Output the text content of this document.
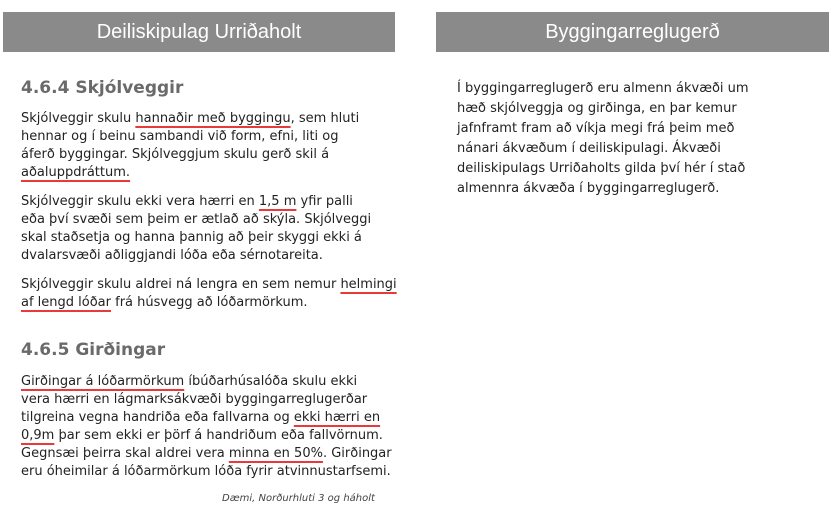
Deiliskipulag Urriðaholt	Byggingarreglugerð
4.6.4 Skjólveggir

Skjólveggir skulu hannaðir með byggingu, sem hluti
hennar og í beinu sambandi við form, efni, liti og
áferð byggingar. Skjólveggjum skulu gerð skil á
aðaluppdráttum.

Skjólveggir skulu ekki vera hærri en 1,5 m yfir palli
eða því svæði sem þeim er ætlað að skýla. Skjólveggi
skal staðsetja og hanna þannig að þeir skyggi ekki á
dvalarsvæði aðliggjandi lóða eða sérnotareita.

Skjólveggir skulu aldrei ná lengra en sem nemur helmingi
af lengd lóðar frá húsvegg að lóðarmörkum.

4.6.5 Girðingar

Girðingar á lóðarmörkum íbúðarhúsalóða skulu ekki
vera hærri en lágmarksákvæði byggingarreglugerðar
tilgreina vegna handriða eða fallvarna og ekki hærri en
0,9m þar sem ekki er þörf á handriðum eða fallvörnum.
Gegnsæi þeirra skal aldrei vera minna en 50%. Girðingar
eru óheimilar á lóðarmörkum lóða fyrir atvinnustarfsemi.

Dæmi, Norðurhluti 3 og háholt
Í byggingarreglugerð eru almenn ákvæði um
hæð skjólveggja og girðinga, en þar kemur
jafnframt fram að víkja megi frá þeim með
nánari ákvæðum í deiliskipulagi. Ákvæði
deiliskipulags Urriðaholts gilda því hér í stað
almennra ákvæða í byggingarreglugerð.
